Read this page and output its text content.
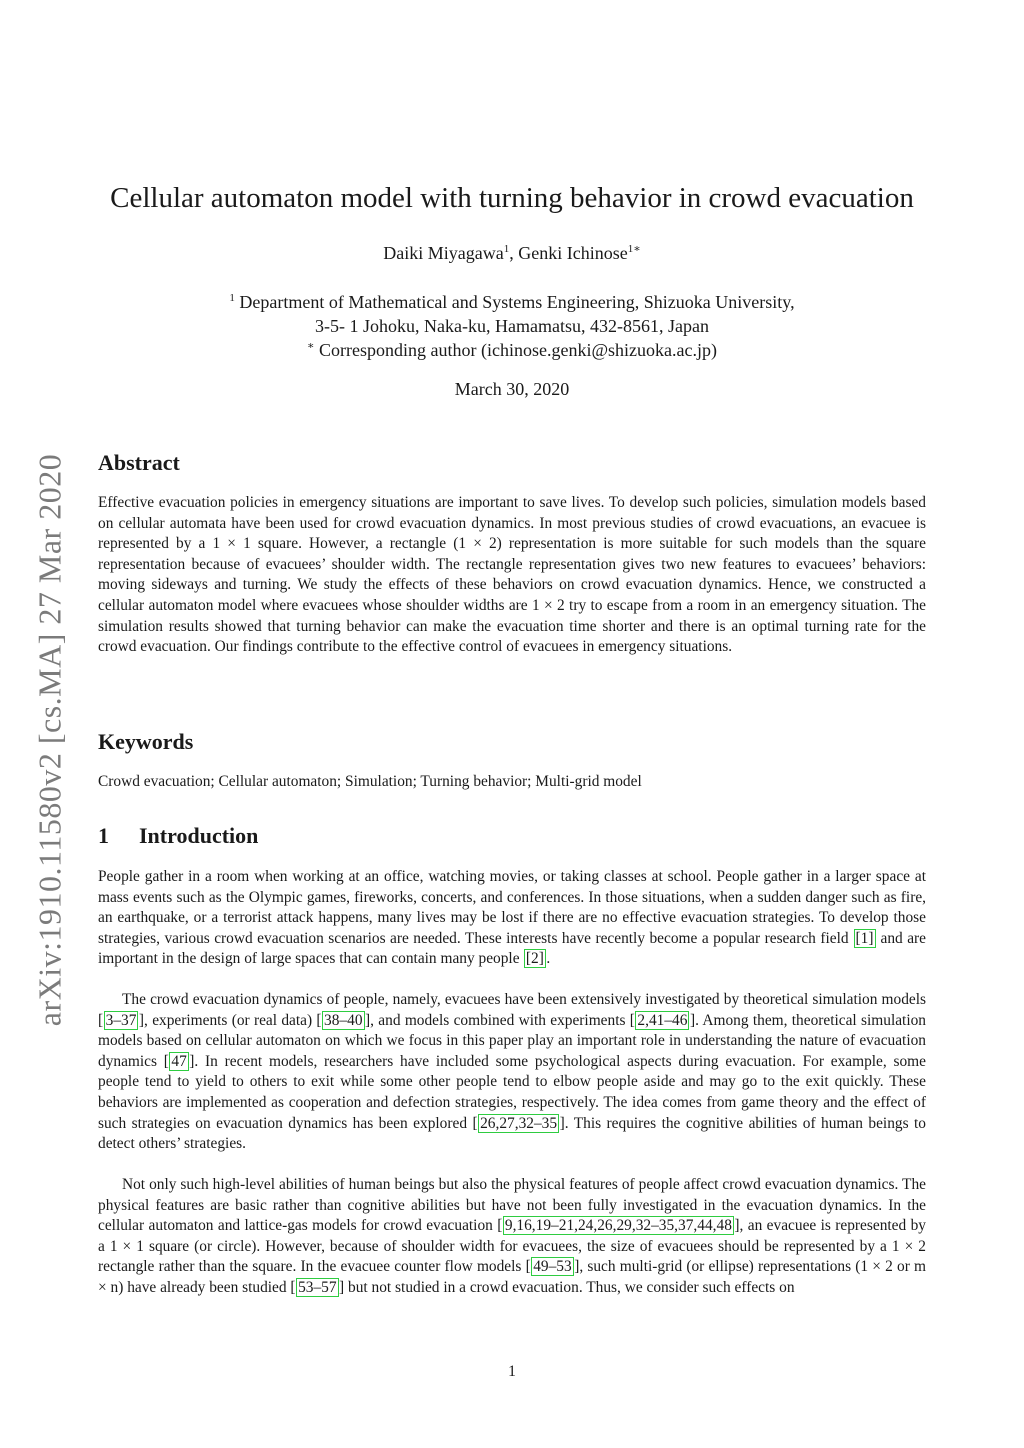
arXiv:1910.11580v2 [cs.MA] 27 Mar 2020
Cellular automaton model with turning behavior in crowd evacuation
Daiki Miyagawa$^1$, Genki Ichinose$^{1∗}$
$^1$ Department of Mathematical and Systems Engineering, Shizuoka University,
3-5- 1 Johoku, Naka-ku, Hamamatsu, 432-8561, Japan
∗ Corresponding author (ichinose.genki@shizuoka.ac.jp)
March 30, 2020
Abstract
Effective evacuation policies in emergency situations are important to save lives. To develop such policies, simulation models based on cellular automata have been used for crowd evacuation dynamics. In most previous studies of crowd evacuations, an evacuee is represented by a 1 × 1 square. However, a rectangle (1 × 2) representation is more suitable for such models than the square representation because of evacuees’ shoulder width. The rectangle representation gives two new features to evacuees’ behaviors: moving sideways and turning. We study the effects of these behaviors on crowd evacuation dynamics. Hence, we constructed a cellular automaton model where evacuees whose shoulder widths are 1 × 2 try to escape from a room in an emergency situation. The simulation results showed that turning behavior can make the evacuation time shorter and there is an optimal turning rate for the crowd evacuation. Our findings contribute to the effective control of evacuees in emergency situations.
Keywords
Crowd evacuation; Cellular automaton; Simulation; Turning behavior; Multi-grid model
1 Introduction
People gather in a room when working at an office, watching movies, or taking classes at school. People gather in a larger space at mass events such as the Olympic games, fireworks, concerts, and conferences. In those situations, when a sudden danger such as fire, an earthquake, or a terrorist attack happens, many lives may be lost if there are no effective evacuation strategies. To develop those strategies, various crowd evacuation scenarios are needed. These interests have recently become a popular research field [1] and are important in the design of large spaces that can contain many people [2] .
The crowd evacuation dynamics of people, namely, evacuees have been extensively investigated by theoretical simulation models [ 3–37 ], experiments (or real data) [ 38–40 ], and models combined with experiments [ 2,41–46 ]. Among them, theoretical simulation models based on cellular automaton on which we focus in this paper play an important role in understanding the nature of evacuation dynamics [ 47 ]. In recent models, researchers have included some psychological aspects during evacuation. For example, some people tend to yield to others to exit while some other people tend to elbow people aside and may go to the exit quickly. These behaviors are implemented as cooperation and defection strategies, respectively. The idea comes from game theory and the effect of such strategies on evacuation dynamics has been explored [ 26,27,32–35 ]. This requires the cognitive abilities of human beings to detect others’ strategies.
Not only such high-level abilities of human beings but also the physical features of people affect crowd evacuation dynamics. The physical features are basic rather than cognitive abilities but have not been fully investigated in the evacuation dynamics. In the cellular automaton and lattice-gas models for crowd evacuation [ 9,16,19–21,24,26,29,32–35,37,44,48 ], an evacuee is represented by a 1 × 1 square (or circle). However, because of shoulder width for evacuees, the size of evacuees should be represented by a 1 × 2 rectangle rather than the square. In the evacuee counter flow models [ 49–53 ], such multi-grid (or ellipse) representations (1 × 2 or m × n) have already been studied [ 53–57 ] but not studied in a crowd evacuation. Thus, we consider such effects on
1
